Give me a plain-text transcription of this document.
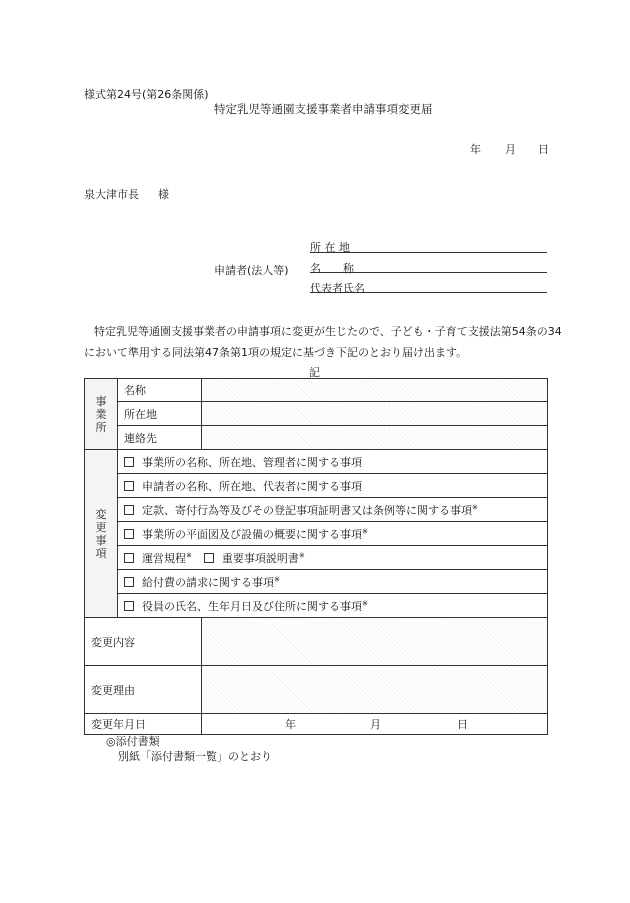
様式第24号(第26条関係)
特定乳児等通園支援事業者申請事項変更届
年 月 日
泉大津市長 様
申請者(法人等)
所 在 地
名　　称
代表者氏名
特定乳児等通園支援事業者の申請事項に変更が生じたので、子ども・子育て支援法第54条の34
において準用する同法第47条第1項の規定に基づき下記のとおり届け出ます。
記
事
業
所	名称	
	所在地	
	連絡先	

変
更
事
項	事業所の名称、所在地、管理者に関する事項	
	申請者の名称、所在地、代表者に関する事項	
	定款、寄付行為等及びその登記事項証明書又は条例等に関する事項※
	事業所の平面図及び設備の概要に関する事項※
	運営規程※ 重要事項説明書※
	給付費の請求に関する事項※
	役員の氏名、生年月日及び住所に関する事項※
変更内容		
変更理由		
変更年月日		年 月 日
◎添付書類
別紙「添付書類一覧」のとおり
